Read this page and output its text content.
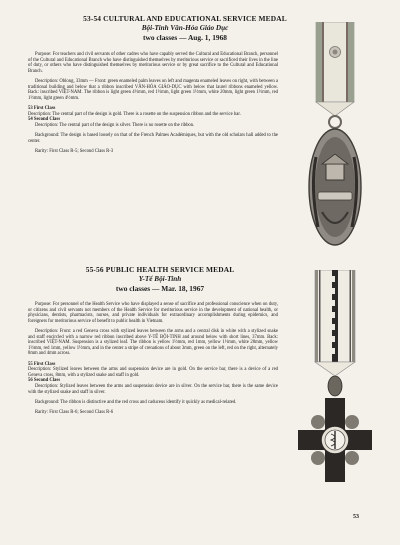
53-54 CULTURAL AND EDUCATIONAL SERVICE MEDAL
Bội-Tinh Văn-Hóa Giáo Dục
two classes — Aug. 1, 1968

Purpose: For teachers and civil servants of other cadres who have capably served the Cultural and Educational Branch, personnel of the Cultural and Educational Branch who have distinguished themselves by meritorious service or sacrificed their lives in the line of duty, or others who have distinguished themselves by meritorious service or by great sacrifice to the Cultural and Educational Branch.

Description: Oblong, 33mm — Front: green enameled palm leaves on left and magenta enameled leaves on right, with between a traditional building and below that a ribbon inscribed VĂN-HÓA GIÁO-DỤC with below that laurel ribbons enameled yellow. Back: inscribed VIỆT-NAM. The ribbon is light green 4½mm, red 1½mm, light green 1½mm, white 20mm, light green 1½mm, red 1½mm, light green 4½mm.

53 First Class

Description: The central part of the design is gold. There is a rosette on the suspension ribbon and the service bar.

54 Second Class

Description: The central part of the design is silver. There is no rosette on the ribbon.

Background: The design is based loosely on that of the French Palmes Académiques, but with the old scholars hall added to the center.

Rarity: First Class R-5; Second Class R-3

55-56 PUBLIC HEALTH SERVICE MEDAL
Y-Tế Bội-Tinh
two classes — Mar. 18, 1967

Purpose: For personnel of the Health Service who have displayed a sense of sacrifice and professional conscience when on duty, or citizens and civil servants not members of the Health Service for meritorious service in the development of national health, or physicians, dentists, pharmacists, nurses, and private individuals for extraordinary accomplishments during epidemics, and foreigners for meritorious service of benefit to public health in Vietnam.

Description: Front: a red Geneva cross with stylized leaves between the arms and a central disk in white with a stylized snake and staff encircled with a narrow red ribbon inscribed above Y-TẾ BỘI-TINH and around below with short lines, 37mm. Back: inscribed VIỆT-NAM. Suspension is a stylized leaf. The ribbon is yellow 1½mm, red 1mm, yellow 1½mm, white 28mm, yellow 1½mm, red 1mm, yellow 1½mm, and in the center a stripe of crenations of about 3mm, green on the left, red on the right, alternately 8mm and 4mm across.

55 First Class

Description: Stylized leaves between the arms and suspension device are in gold. On the service bar, there is a device of a red Geneva cross, 8mm, with a stylized snake and staff in gold.

56 Second Class

Description: Stylized leaves between the arms and suspension device are in silver. On the service bar, there is the same device with the stylized snake and staff in silver.

Background: The ribbon is distinctive and the red cross and caduceus identify it quickly as medical-related.

Rarity: First Class R-6; Second Class R-6

53
